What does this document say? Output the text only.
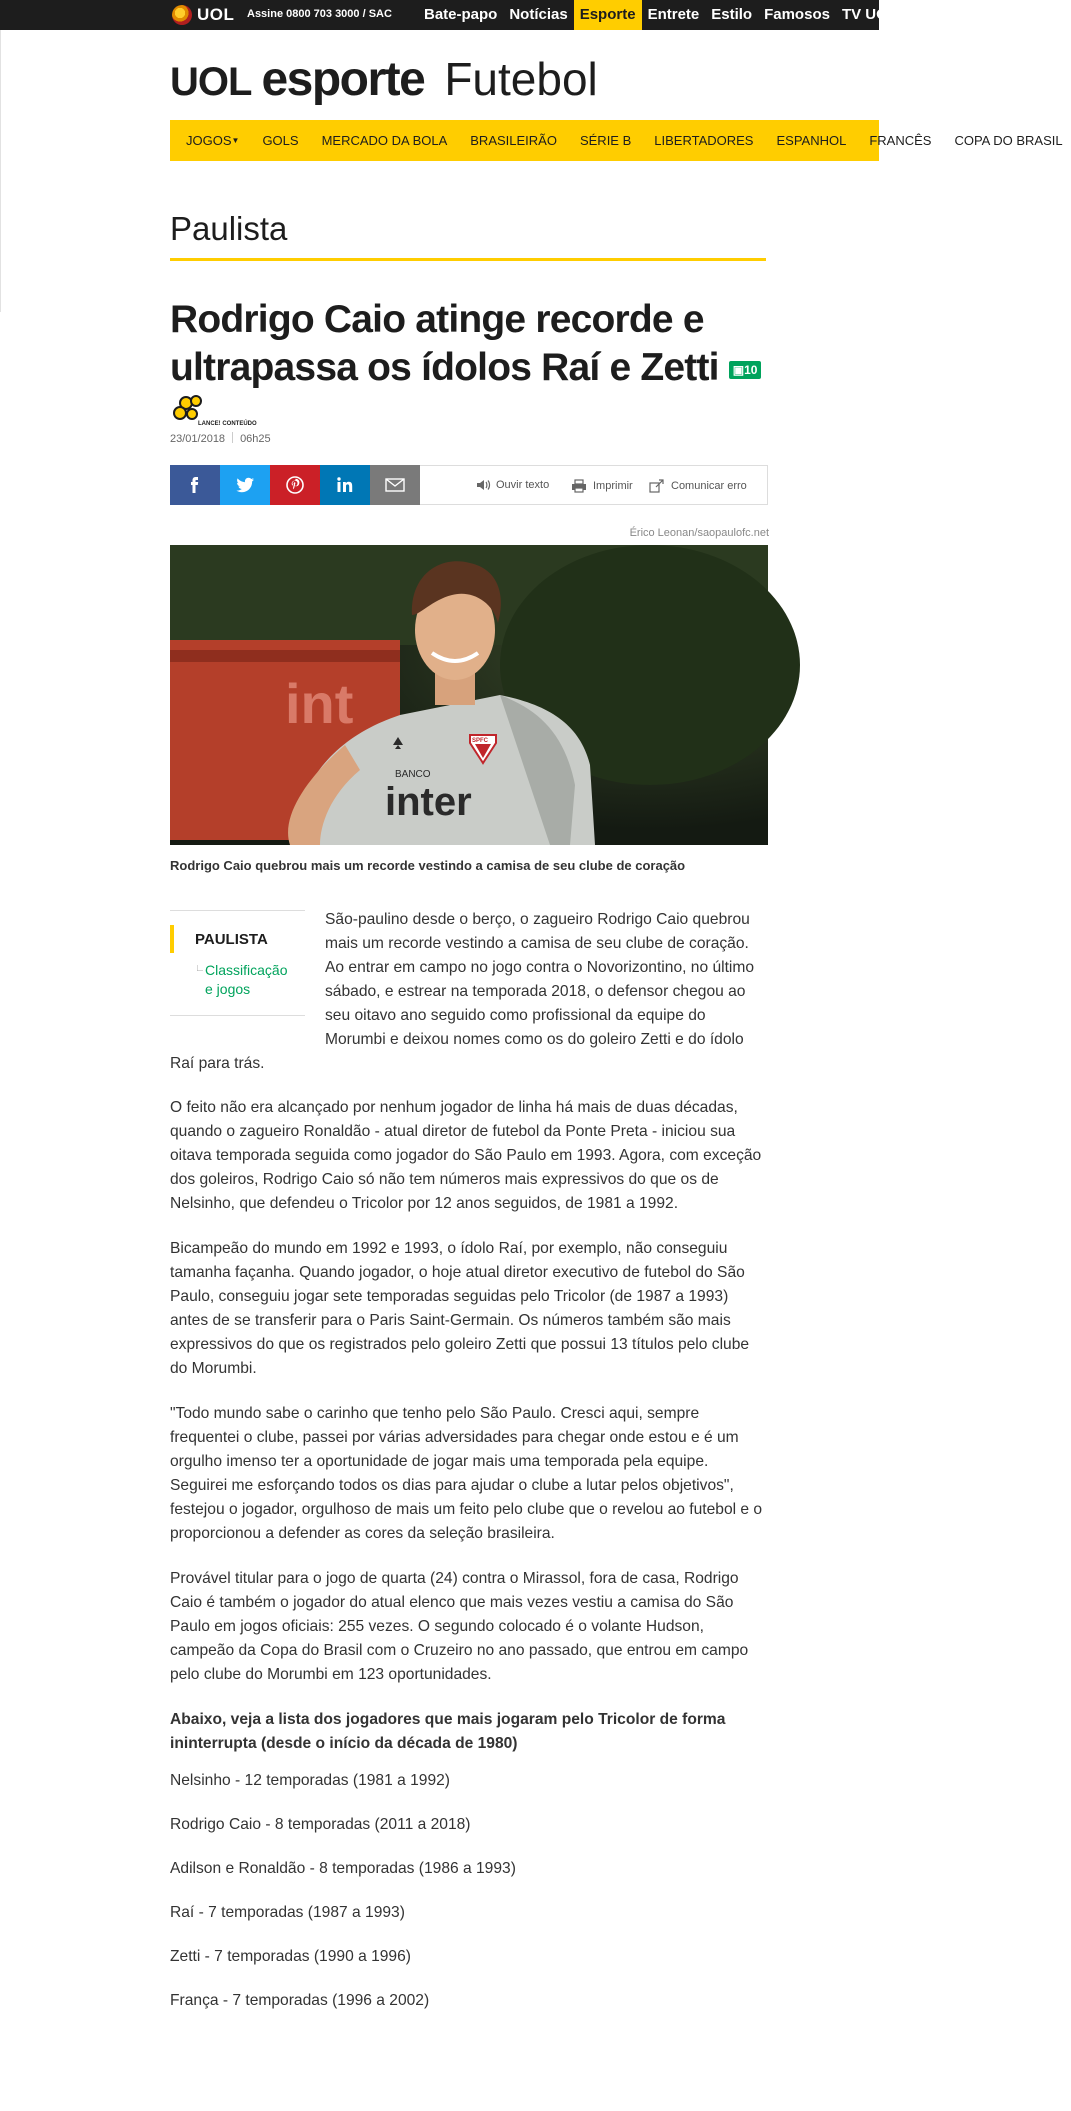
UOL Assine 0800 703 3000 / SAC	Bate-papo Notícias Esporte Entrete Estilo Famosos TV UOL
UOL esporte Futebol
JOGOS▼	GOLS	MERCADO DA BOLA	BRASILEIRÃO	SÉRIE B	LIBERTADORES	ESPANHOL	FRANCÊS	COPA DO BRASIL
Paulista
Rodrigo Caio atinge recorde e ultrapassa os ídolos Raí e Zetti ▣10
LANCE! CONTEÚDO
23/01/2018 06h25
Ouvir texto	Imprimir	Comunicar erro
Érico Leonan/saopaulofc.net
int
inter
BANCO
SPFC
Rodrigo Caio quebrou mais um recorde vestindo a camisa de seu clube de coração
PAULISTA
∟ Classificação
e jogos
São-paulino desde o berço, o zagueiro Rodrigo Caio quebrou
mais um recorde vestindo a camisa de seu clube de coração.
Ao entrar em campo no jogo contra o Novorizontino, no último
sábado, e estrear na temporada 2018, o defensor chegou ao
seu oitavo ano seguido como profissional da equipe do
Morumbi e deixou nomes como os do goleiro Zetti e do ídolo
Raí para trás.
O feito não era alcançado por nenhum jogador de linha há mais de duas décadas, quando o zagueiro Ronaldão - atual diretor de futebol da Ponte Preta - iniciou sua oitava temporada seguida como jogador do São Paulo em 1993. Agora, com exceção dos goleiros, Rodrigo Caio só não tem números mais expressivos do que os de Nelsinho, que defendeu o Tricolor por 12 anos seguidos, de 1981 a 1992.
Bicampeão do mundo em 1992 e 1993, o ídolo Raí, por exemplo, não conseguiu tamanha façanha. Quando jogador, o hoje atual diretor executivo de futebol do São Paulo, conseguiu jogar sete temporadas seguidas pelo Tricolor (de 1987 a 1993) antes de se transferir para o Paris Saint-Germain. Os números também são mais expressivos do que os registrados pelo goleiro Zetti que possui 13 títulos pelo clube do Morumbi.
"Todo mundo sabe o carinho que tenho pelo São Paulo. Cresci aqui, sempre frequentei o clube, passei por várias adversidades para chegar onde estou e é um orgulho imenso ter a oportunidade de jogar mais uma temporada pela equipe. Seguirei me esforçando todos os dias para ajudar o clube a lutar pelos objetivos", festejou o jogador, orgulhoso de mais um feito pelo clube que o revelou ao futebol e o proporcionou a defender as cores da seleção brasileira.
Provável titular para o jogo de quarta (24) contra o Mirassol, fora de casa, Rodrigo Caio é também o jogador do atual elenco que mais vezes vestiu a camisa do São Paulo em jogos oficiais: 255 vezes. O segundo colocado é o volante Hudson, campeão da Copa do Brasil com o Cruzeiro no ano passado, que entrou em campo pelo clube do Morumbi em 123 oportunidades.
Abaixo, veja a lista dos jogadores que mais jogaram pelo Tricolor de forma ininterrupta (desde o início da década de 1980)
Nelsinho - 12 temporadas (1981 a 1992)
Rodrigo Caio - 8 temporadas (2011 a 2018)
Adilson e Ronaldão - 8 temporadas (1986 a 1993)
Raí - 7 temporadas (1987 a 1993)
Zetti - 7 temporadas (1990 a 1996)
França - 7 temporadas (1996 a 2002)
